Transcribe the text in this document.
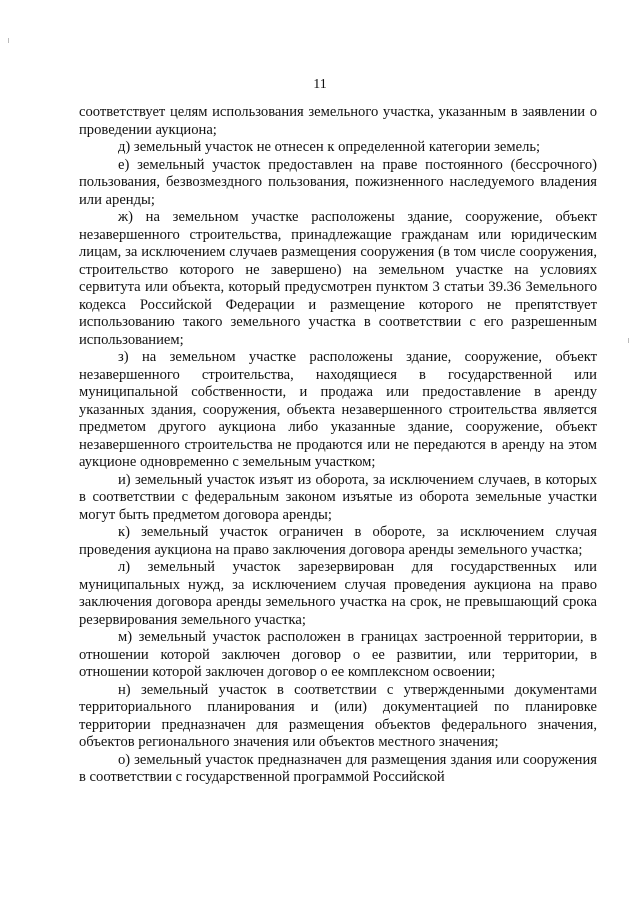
11

соответствует целям использования земельного участка, указанным в заявлении о проведении аукциона;

д) земельный участок не отнесен к определенной категории земель;

е) земельный участок предоставлен на праве постоянного (бессрочного) пользования, безвозмездного пользования, пожизненного наследуемого владения или аренды;

ж) на земельном участке расположены здание, сооружение, объект незавершенного строительства, принадлежащие гражданам или юридическим лицам, за исключением случаев размещения сооружения (в том числе сооружения, строительство которого не завершено) на земельном участке на условиях сервитута или объекта, который предусмотрен пунктом 3 статьи 39.36 Земельного кодекса Российской Федерации и размещение которого не препятствует использованию такого земельного участка в соответствии с его разрешенным использованием;

з) на земельном участке расположены здание, сооружение, объект незавершенного строительства, находящиеся в государственной или муниципальной собственности, и продажа или предоставление в аренду указанных здания, сооружения, объекта незавершенного строительства является предметом другого аукциона либо указанные здание, сооружение, объект незавершенного строительства не продаются или не передаются в аренду на этом аукционе одновременно с земельным участком;

и) земельный участок изъят из оборота, за исключением случаев, в которых в соответствии с федеральным законом изъятые из оборота земельные участки могут быть предметом договора аренды;

к) земельный участок ограничен в обороте, за исключением случая проведения аукциона на право заключения договора аренды земельного участка;

л) земельный участок зарезервирован для государственных или муниципальных нужд, за исключением случая проведения аукциона на право заключения договора аренды земельного участка на срок, не превышающий срока резервирования земельного участка;

м) земельный участок расположен в границах застроенной территории, в отношении которой заключен договор о ее развитии, или территории, в отношении которой заключен договор о ее комплексном освоении;

н) земельный участок в соответствии с утвержденными документами территориального планирования и (или) документацией по планировке территории предназначен для размещения объектов федерального значения, объектов регионального значения или объектов местного значения;

о) земельный участок предназначен для размещения здания или сооружения в соответствии с государственной программой Российской
